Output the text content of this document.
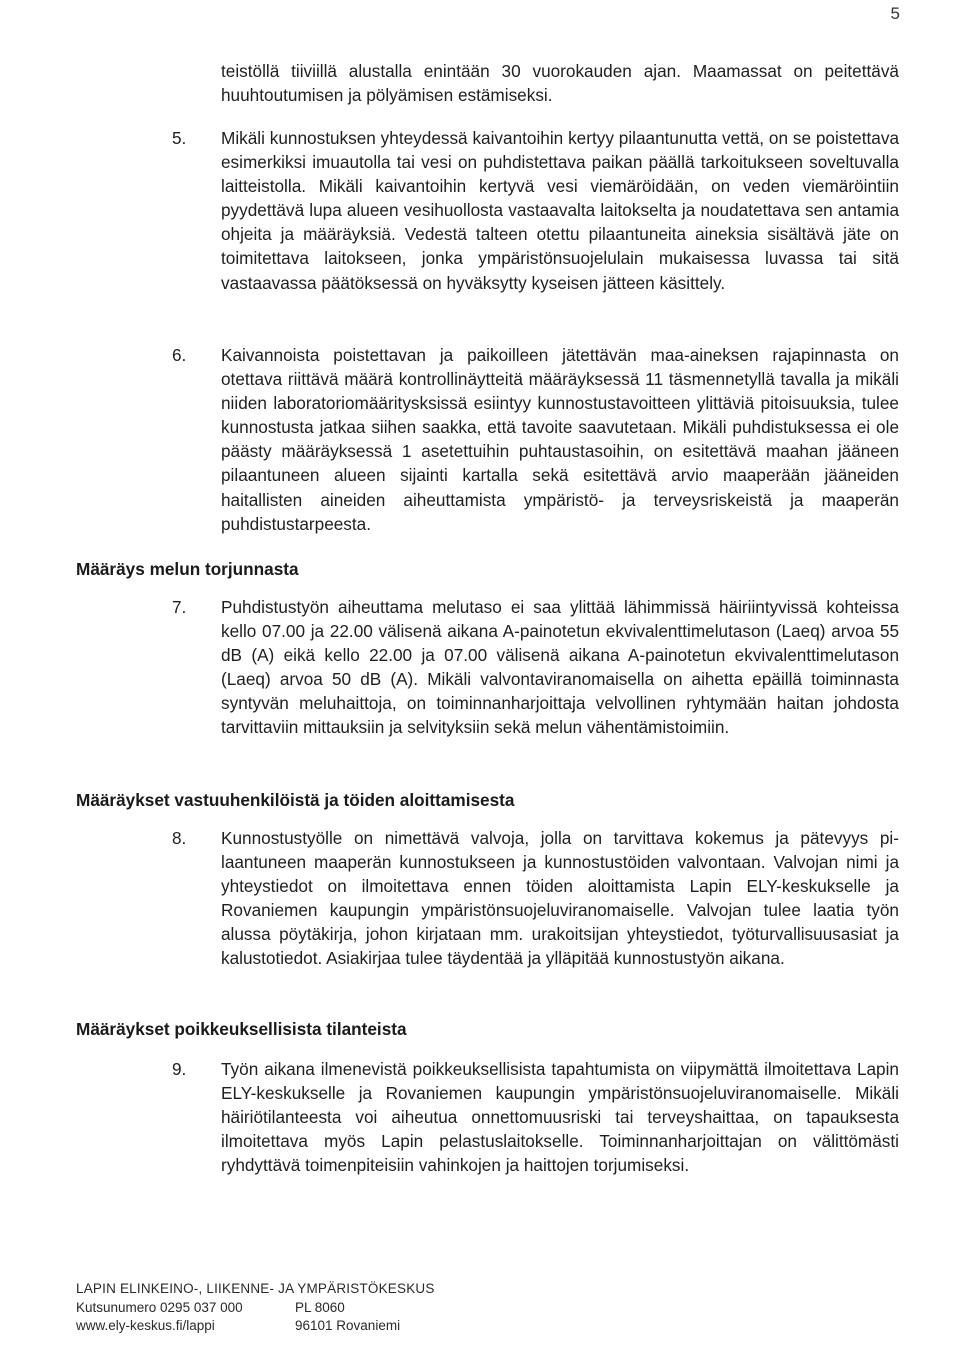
5
teistöllä tiiviillä alustalla enintään 30 vuorokauden ajan. Maamassat on peitettävä huuhtoutumisen ja pölyämisen estämiseksi.
5.	Mikäli kunnostuksen yhteydessä kaivantoihin kertyy pilaantunutta vettä, on se poistettava esimerkiksi imuautolla tai vesi on puhdistettava paikan päällä tarkoitukseen soveltuvalla laitteistolla. Mikäli kaivantoihin kertyvä vesi viemäröidään, on veden viemäröintiin pyydettävä lupa alueen vesihuollosta vastaavalta laitokselta ja noudatettava sen antamia ohjeita ja määräyksiä. Vedestä talteen otettu pilaantuneita aineksia sisältävä jäte on toimitettava laitokseen, jonka ympäristönsuojelulain mukaisessa luvassa tai sitä vastaavassa päätöksessä on hyväksytty kyseisen jätteen käsittely.
6.	Kaivannoista poistettavan ja paikoilleen jätettävän maa-aineksen rajapinnasta on otettava riittävä määrä kontrollinäytteitä määräyksessä 11 täsmennetyllä tavalla ja mikäli niiden laboratoriomääritysksissä esiintyy kunnostustavoitteen ylittäviä pitoisuuksia, tulee kunnostusta jatkaa siihen saakka, että tavoite saavutetaan. Mikäli puhdistuksessa ei ole päästy määräyksessä 1 asetettuihin puhtaustasoihin, on esitettävä maahan jääneen pilaantuneen alueen sijainti kartalla sekä esitettävä arvio maaperään jääneiden haitallisten aineiden aiheuttamista ympäristö- ja terveysriskeistä ja maaperän puhdistustarpeesta.
Määräys melun torjunnasta
7.	Puhdistustyön aiheuttama melutaso ei saa ylittää lähimmissä häiriintyvissä kohteissa kello 07.00 ja 22.00 välisenä aikana A-painotetun ekvivalenttimelutason (Laeq) arvoa 55 dB (A) eikä kello 22.00 ja 07.00 välisenä aikana A-painotetun ekvivalenttimelutason (Laeq) arvoa 50 dB (A). Mikäli valvontaviranomaisella on aihetta epäillä toiminnasta syntyvän meluhaittoja, on toiminnanharjoittaja velvollinen ryhtymään haitan johdosta tarvittaviin mittauksiin ja selvityksiin sekä melun vähentämistoimiin.
Määräykset vastuuhenkilöistä ja töiden aloittamisesta
8.	Kunnostustyölle on nimettävä valvoja, jolla on tarvittava kokemus ja pätevyys pilaantuneen maaperän kunnostukseen ja kunnostustöiden valvontaan. Valvojan nimi ja yhteystiedot on ilmoitettava ennen töiden aloittamista Lapin ELY-keskukselle ja Rovaniemen kaupungin ympäristönsuojeluviranomaiselle. Valvojan tulee laatia työn alussa pöytäkirja, johon kirjataan mm. urakoitsijan yhteystiedot, työturvallisuusasiat ja kalustotiedot. Asiakirjaa tulee täydentää ja ylläpitää kunnostustyön aikana.
Määräykset poikkeuksellisista tilanteista
9.	Työn aikana ilmenevistä poikkeuksellisista tapahtumista on viipymättä ilmoitettava Lapin ELY-keskukselle ja Rovaniemen kaupungin ympäristönsuojeluviranomaiselle. Mikäli häiriötilanteesta voi aiheutua onnettomuusriski tai terveyshaittaa, on tapauksesta ilmoitettava myös Lapin pelastuslaitokselle. Toiminnanharjoittajan on välittömästi ryhdyttävä toimenpiteisiin vahinkojen ja haittojen torjumiseksi.
LAPIN ELINKEINO-, LIIKENNE- JA YMPÄRISTÖKESKUS
Kutsunumero 0295 037 000	PL 8060
www.ely-keskus.fi/lappi	96101 Rovaniemi
